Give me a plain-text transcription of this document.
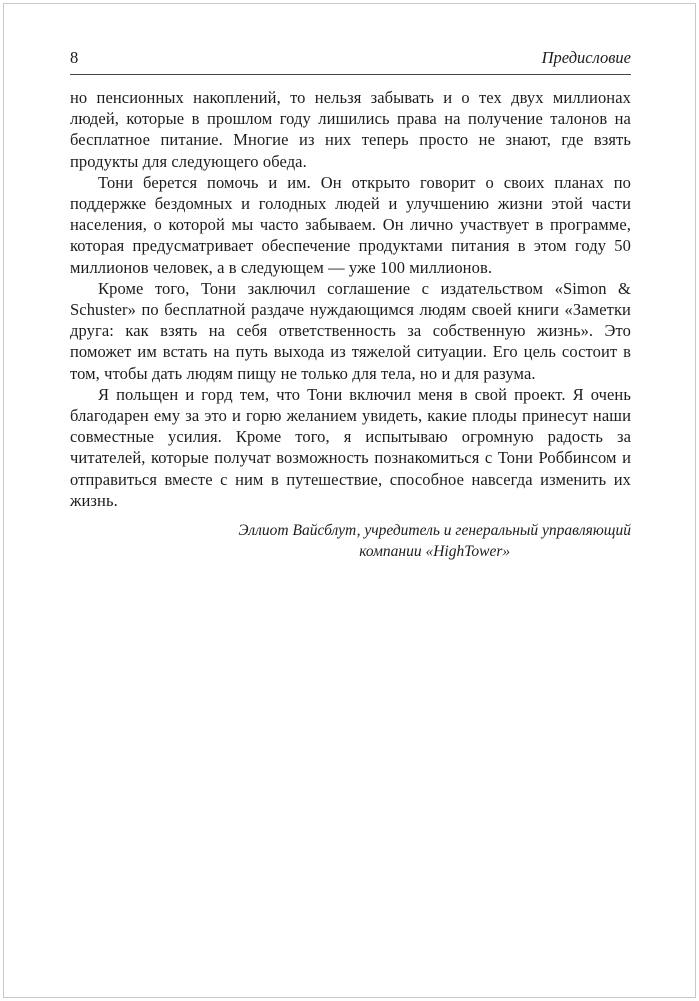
8	Предисловие

но пенсионных накоплений, то нельзя забывать и о тех двух миллионах людей, которые в прошлом году лишились права на получение талонов на бесплатное питание. Многие из них теперь просто не знают, где взять продукты для следующего обеда.

Тони берется помочь и им. Он открыто говорит о своих планах по поддержке бездомных и голодных людей и улучшению жизни этой части населения, о которой мы часто забываем. Он лично участвует в программе, которая предусматривает обеспечение продуктами питания в этом году 50 миллионов человек, а в следующем — уже 100 миллионов.

Кроме того, Тони заключил соглашение с издательством «Simon & Schuster» по бесплатной раздаче нуждающимся людям своей книги «Заметки друга: как взять на себя ответственность за собственную жизнь». Это поможет им встать на путь выхода из тяжелой ситуации. Его цель состоит в том, чтобы дать людям пищу не только для тела, но и для разума.

Я польщен и горд тем, что Тони включил меня в свой проект. Я очень благодарен ему за это и горю желанием увидеть, какие плоды принесут наши совместные усилия. Кроме того, я испытываю огромную радость за читателей, которые получат возможность познакомиться с Тони Роббинсом и отправиться вместе с ним в путешествие, способное навсегда изменить их жизнь.

Эллиот Вайсблут, учредитель и генеральный управляющий
компании «HighTower»
